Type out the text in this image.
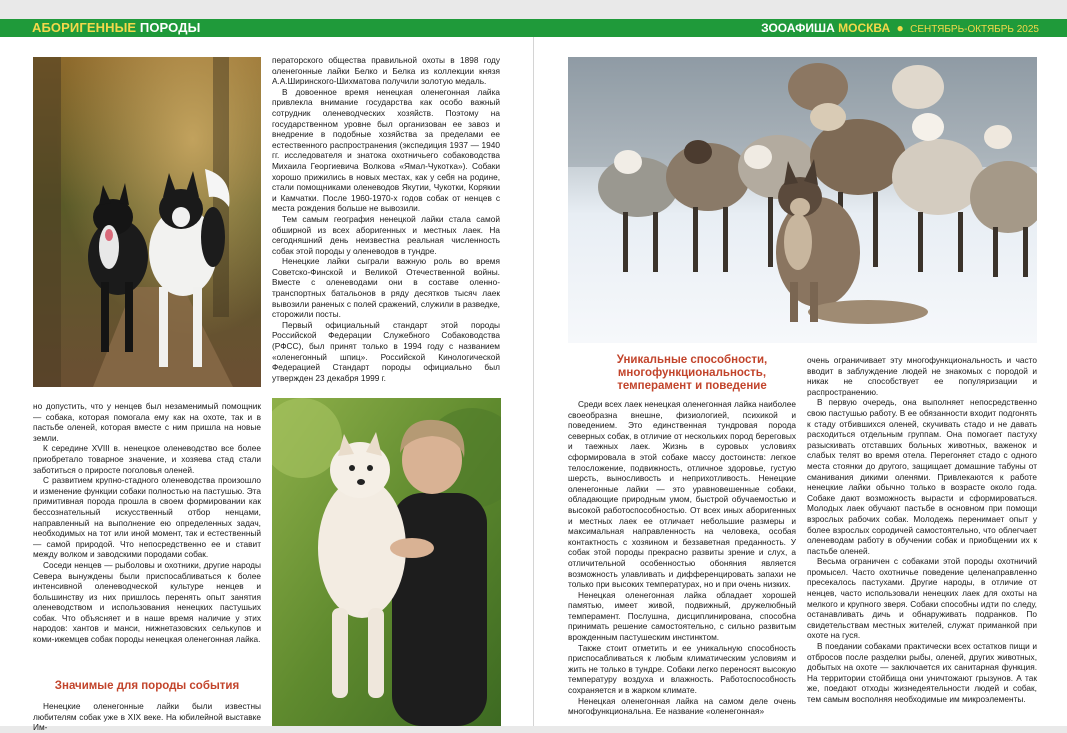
АБОРИГЕННЫЕ ПОРОДЫ	ЗООАФИША МОСКВА ● СЕНТЯБРЬ-ОКТЯБРЬ 2025

ператорского общества правильной охоты в 1898 году оленегонные лайки Белко и Белка из коллекции князя А.А.Ширинского-Шихматова получили золотую медаль.

В довоенное время ненецкая оленегонная лайка привлекла внимание государства как особо важный сотрудник оленеводческих хозяйств. Поэтому на государственном уровне был организован ее завоз и внедрение в подобные хозяйства за пределами ее естественного распространения (экспедиция 1937 — 1940 гг. исследователя и знатока охотничьего собаководства Михаила Георгиевича Волкова «Ямал-Чукотка»). Собаки хорошо прижились в новых местах, как у себя на родине, стали помощниками оленеводов Якутии, Чукотки, Корякии и Камчатки. После 1960-1970-х годов собак от ненцев с места рождения больше не вывозили.

Тем самым география ненецкой лайки стала самой обширной из всех аборигенных и местных лаек. На сегодняшний день неизвестна реальная численность собак этой породы у оленеводов в тундре.

Ненецкие лайки сыграли важную роль во время Советско-Финской и Великой Отечественной войны. Вместе с оленеводами они в составе оленно-транспортных батальонов в ряду десятков тысяч лаек вывозили раненых с полей сражений, служили в разведке, сторожили посты.

Первый официальный стандарт этой породы Российской Федерации Служебного Собаководства (РФСС), был принят только в 1994 году с названием «оленегонный шпиц». Российской Кинологической Федерацией Стандарт породы официально был утвержден 23 декабря 1999 г.

но допустить, что у ненцев был незаменимый помощник — собака, которая помогала ему как на охоте, так и в пастьбе оленей, которая вместе с ним пришла на новые земли.

К середине XVIII в. ненецкое оленеводство все более приобретало товарное значение, и хозяева стад стали заботиться о приросте поголовья оленей.

С развитием крупно-стадного оленеводства произошло и изменение функции собаки полностью на пастушью. Эта примитивная порода прошла в своем формировании как бессознательный искусственный отбор ненцами, направленный на выполнение ею определенных задач, необходимых на тот или иной момент, так и естественный — самой природой. Что непосредственно ее и ставит между волком и заводскими породами собак.

Соседи ненцев — рыболовы и охотники, другие народы Севера вынуждены были приспосабливаться к более интенсивной оленеводческой культуре ненцев и большинству из них пришлось перенять опыт занятия оленеводством и использования ненецких пастушьих собак. Что объясняет и в наше время наличие у этих народов: хантов и манси, нижнетазовских селькупов и коми-ижемцев собак породы ненецкая оленегонная лайка.

Значимые для породы события

Ненецкие оленегонные лайки были известны любителям собак уже в XIX веке. На юбилейной выставке Им-

Уникальные способности, многофункциональность, темперамент и поведение

Среди всех лаек ненецкая оленегонная лайка наиболее своеобразна внешне, физиологией, психикой и поведением. Это единственная тундровая порода северных собак, в отличие от нескольких пород береговых и таежных лаек. Жизнь в суровых условиях сформировала в этой собаке массу достоинств: легкое телосложение, подвижность, отличное здоровье, густую шерсть, выносливость и неприхотливость. Ненецкие оленегонные лайки — это уравновешенные собаки, обладающие природным умом, быстрой обучаемостью и высокой работоспособностью. От всех иных аборигенных и местных лаек ее отличает небольшие размеры и максимальная направленность на человека, особая контактность с хозяином и беззаветная преданность. У собак этой породы прекрасно развиты зрение и слух, а отличительной особенностью обоняния является возможность улавливать и дифференцировать запахи не только при высоких температурах, но и при очень низких.

Ненецкая оленегонная лайка обладает хорошей памятью, имеет живой, подвижный, дружелюбный темперамент. Послушна, дисциплинирована, способна принимать решение самостоятельно, с сильно развитым врожденным пастушеским инстинктом.

Также стоит отметить и ее уникальную способность приспосабливаться к любым климатическим условиям и жить не только в тундре. Собаки легко переносят высокую температуру воздуха и влажность. Работоспособность сохраняется и в жарком климате.

Ненецкая оленегонная лайка на самом деле очень многофункциональна. Ее название «оленегонная»

очень ограничивает эту многофункциональность и часто вводит в заблуждение людей не знакомых с породой и никак не способствует ее популяризации и распространению.

В первую очередь, она выполняет непосредственно свою пастушью работу. В ее обязанности входит подгонять к стаду отбившихся оленей, скучивать стадо и не давать расходиться отдельным группам. Она помогает пастуху разыскивать отставших больных животных, важенок и слабых телят во время отела. Перегоняет стадо с одного места стоянки до другого, защищает домашние табуны от сманивания дикими оленями. Привлекаются к работе ненецкие лайки обычно только в возрасте около года. Собаке дают возможность вырасти и сформироваться. Молодых лаек обучают пастьбе в основном при помощи взрослых рабочих собак. Молодежь перенимает опыт у более взрослых сородичей самостоятельно, что облегчает оленеводам работу в обучении собак и приобщении их к пастьбе оленей.

Весьма ограничен с собаками этой породы охотничий промысел. Часто охотничье поведение целенаправленно пресекалось пастухами. Другие народы, в отличие от ненцев, часто использовали ненецких лаек для охоты на мелкого и крупного зверя. Собаки способны идти по следу, останавливать дичь и обнаруживать подранков. По свидетельствам местных жителей, служат приманкой при охоте на гуся.

В поедании собаками практически всех остатков пищи и отбросов после разделки рыбы, оленей, других животных, добытых на охоте — заключается их санитарная функция. На территории стойбища они уничтожают грызунов. А так же, поедают отходы жизнедеятельности людей и собак, тем самым восполняя необходимые им микроэлементы.
